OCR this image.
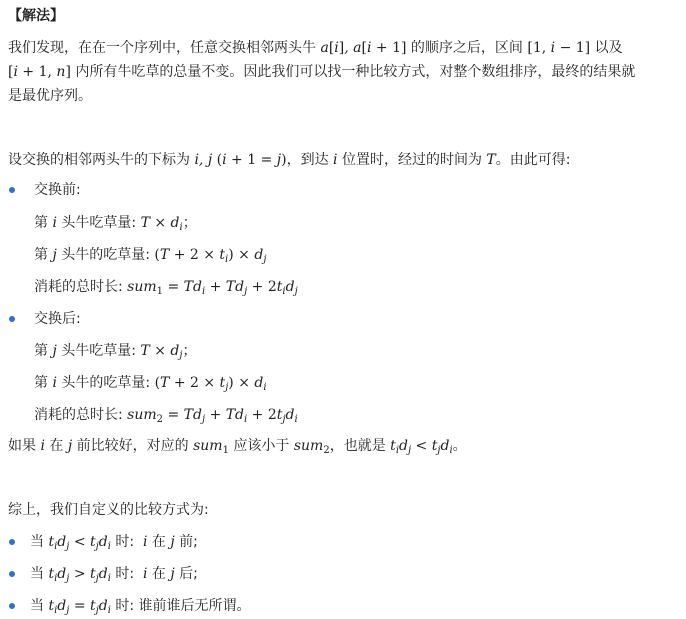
【解法】
我们发现，在在一个序列中，任意交换相邻两头牛 a[i], a[i + 1] 的顺序之后，区间 [1, i − 1] 以及
[i + 1, n] 内所有牛吃草的总量不变。因此我们可以找一种比较方式，对整个数组排序，最终的结果就
是最优序列。
设交换的相邻两头牛的下标为 i, j (i + 1 = j)，到达 i 位置时，经过的时间为 T。由此可得:
交换前:
第 i 头牛吃草量: $T \times d_i$；
第 j 头牛的吃草量: $(T + 2 \times t_i) \times d_j$
消耗的总时长: $sum_1 = Td_i + Td_j + 2t_id_j$
交换后:
第 j 头牛吃草量: $T \times d_j$；
第 i 头牛的吃草量: $(T + 2 \times t_j) \times d_i$
消耗的总时长: $sum_2 = Td_j + Td_i + 2t_jd_i$
如果 i 在 j 前比较好，对应的 sum$_1$ 应该小于 sum$_2$，也就是 $t_id_j < t_jd_i$。
综上，我们自定义的比较方式为:
当 $t_id_j < t_jd_i$ 时:  i 在 j 前;
当 $t_id_j > t_jd_i$ 时:  i 在 j 后;
当 $t_id_j = t_jd_i$ 时: 谁前谁后无所谓。
